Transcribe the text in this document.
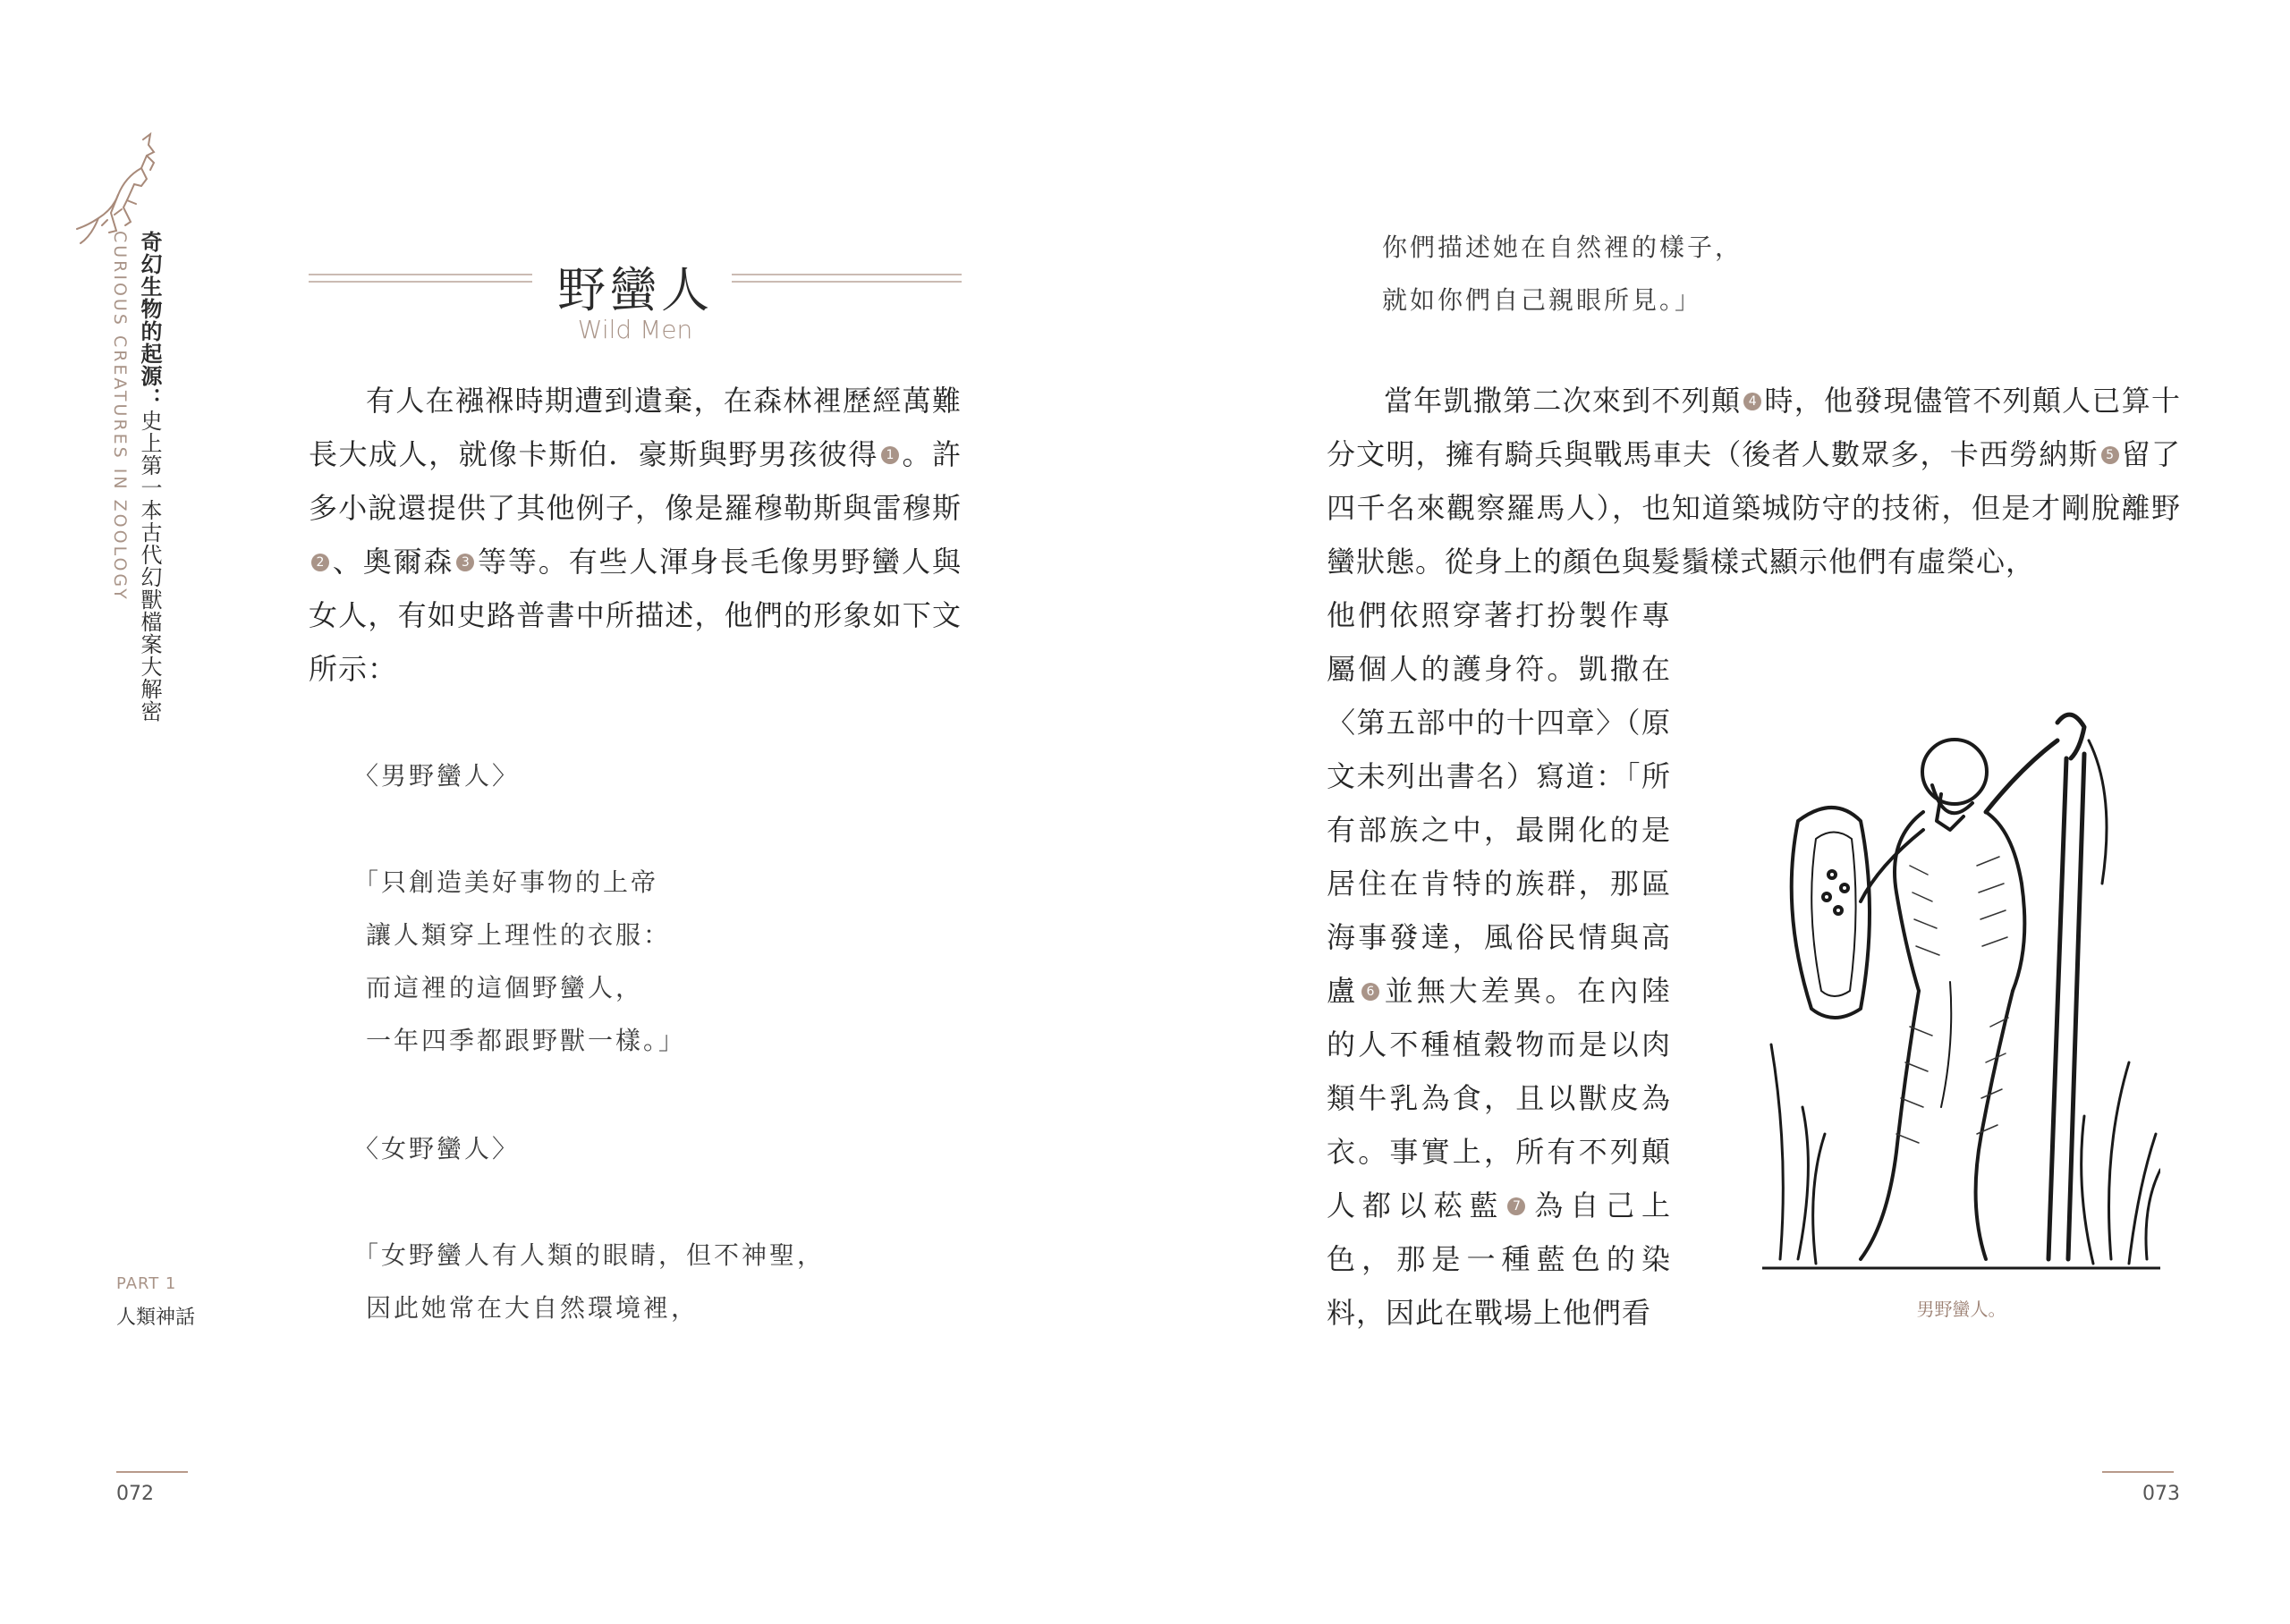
奇幻生物的起源：史上第一本古代幻獸檔案大解密
CURIOUS CREATURES IN ZOOLOGY
PART 1
人類神話
072	073
野蠻人
Wild Men
有人在襁褓時期遭到遺棄，在森林裡歷經萬難長大成人，就像卡斯伯．豪斯與野男孩彼得 1 。許多小說還提供了其他例子，像是羅穆勒斯與雷穆斯2 、奧爾森 3 等等。有些人渾身長毛像男野蠻人與女人，有如史路普書中所描述，他們的形象如下文所示：
〈男野蠻人〉
「只創造美好事物的上帝
讓人類穿上理性的衣服：
而這裡的這個野蠻人，
一年四季都跟野獸一樣。」
〈女野蠻人〉
「女野蠻人有人類的眼睛，但不神聖，
因此她常在大自然環境裡，
你們描述她在自然裡的樣子，
就如你們自己親眼所見。」
當年凱撒第二次來到不列顛 4 時，他發現儘管不列顛人已算十分文明，擁有騎兵與戰馬車夫（後者人數眾多，卡西勞納斯 5 留了四千名來觀察羅馬人），也知道築城防守的技術，但是才剛脫離野蠻狀態。從身上的顏色與髮鬚樣式顯示他們有虛榮心，
他們依照穿著打扮製作專屬個人的護身符。凱撒在〈第五部中的十四章〉（原文未列出書名）寫道：「所有部族之中，最開化的是居住在肯特的族群，那區海事發達，風俗民情與高盧 6 並無大差異。在內陸的人不種植穀物而是以肉類牛乳為食，且以獸皮為衣。事實上，所有不列顛人都以菘藍 7 為自己上色，那是一種藍色的染料，因此在戰場上他們看	男野蠻人。
